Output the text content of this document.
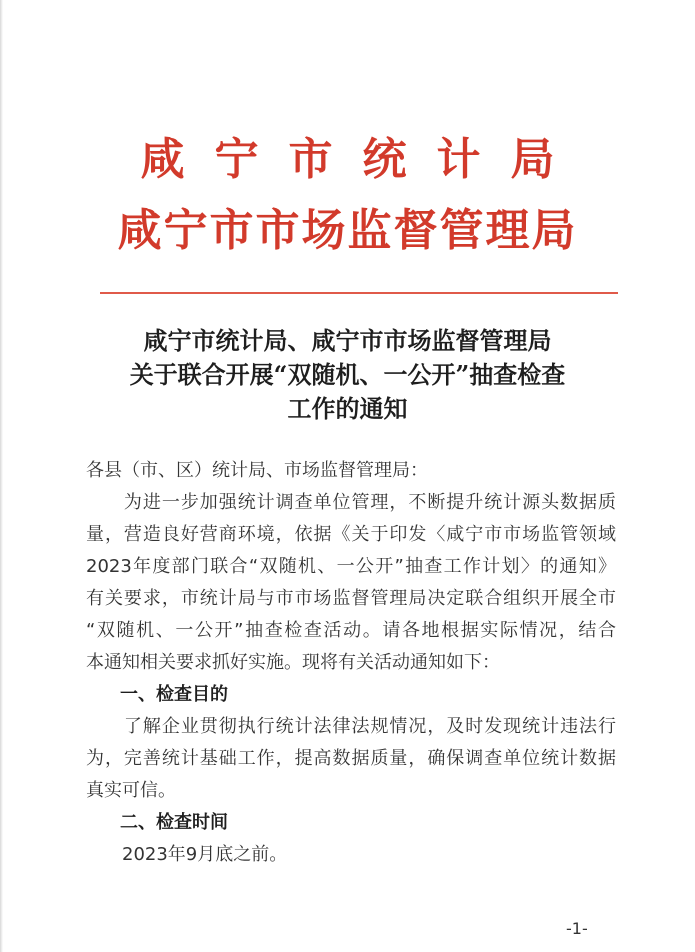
咸宁市统计局
咸宁市市场监督管理局
咸宁市统计局、咸宁市市场监督管理局
关于联合开展“双随机、一公开”抽查检查
工作的通知
各县（市、区）统计局、市场监督管理局：
　　为进一步加强统计调查单位管理，不断提升统计源头数据质
量，营造良好营商环境，依据《关于印发〈咸宁市市场监管领域
2023年度部门联合“双随机、一公开”抽查工作计划〉的通知》
有关要求，市统计局与市市场监督管理局决定联合组织开展全市
“双随机、一公开”抽查检查活动。请各地根据实际情况，结合
本通知相关要求抓好实施。现将有关活动通知如下：
一、检查目的
　　了解企业贯彻执行统计法律法规情况，及时发现统计违法行
为，完善统计基础工作，提高数据质量，确保调查单位统计数据
真实可信。
二、检查时间
　　2023年9月底之前。
-1-
